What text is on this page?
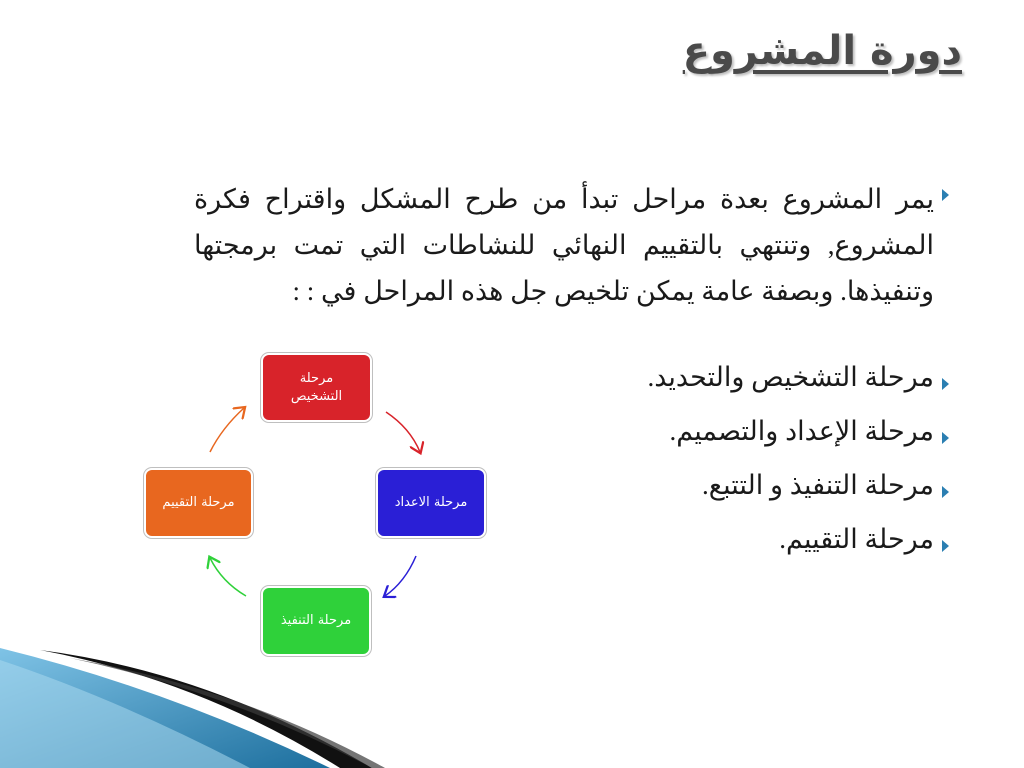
دورة المشروع
يمر المشروع بعدة مراحل تبدأ من طرح المشكل واقتراح فكرة المشروع, وتنتهي بالتقييم النهائي للنشاطات التي تمت برمجتها وتنفيذها. وبصفة عامة يمكن تلخيص جل هذه المراحل في : :
مرحلة التشخيص والتحديد.
مرحلة الإعداد والتصميم.
مرحلة التنفيذ و التتبع.
مرحلة التقييم.
مرحلة التشخيص
مرحلة الاعداد
مرحلة التنفيذ
مرحلة التقييم
